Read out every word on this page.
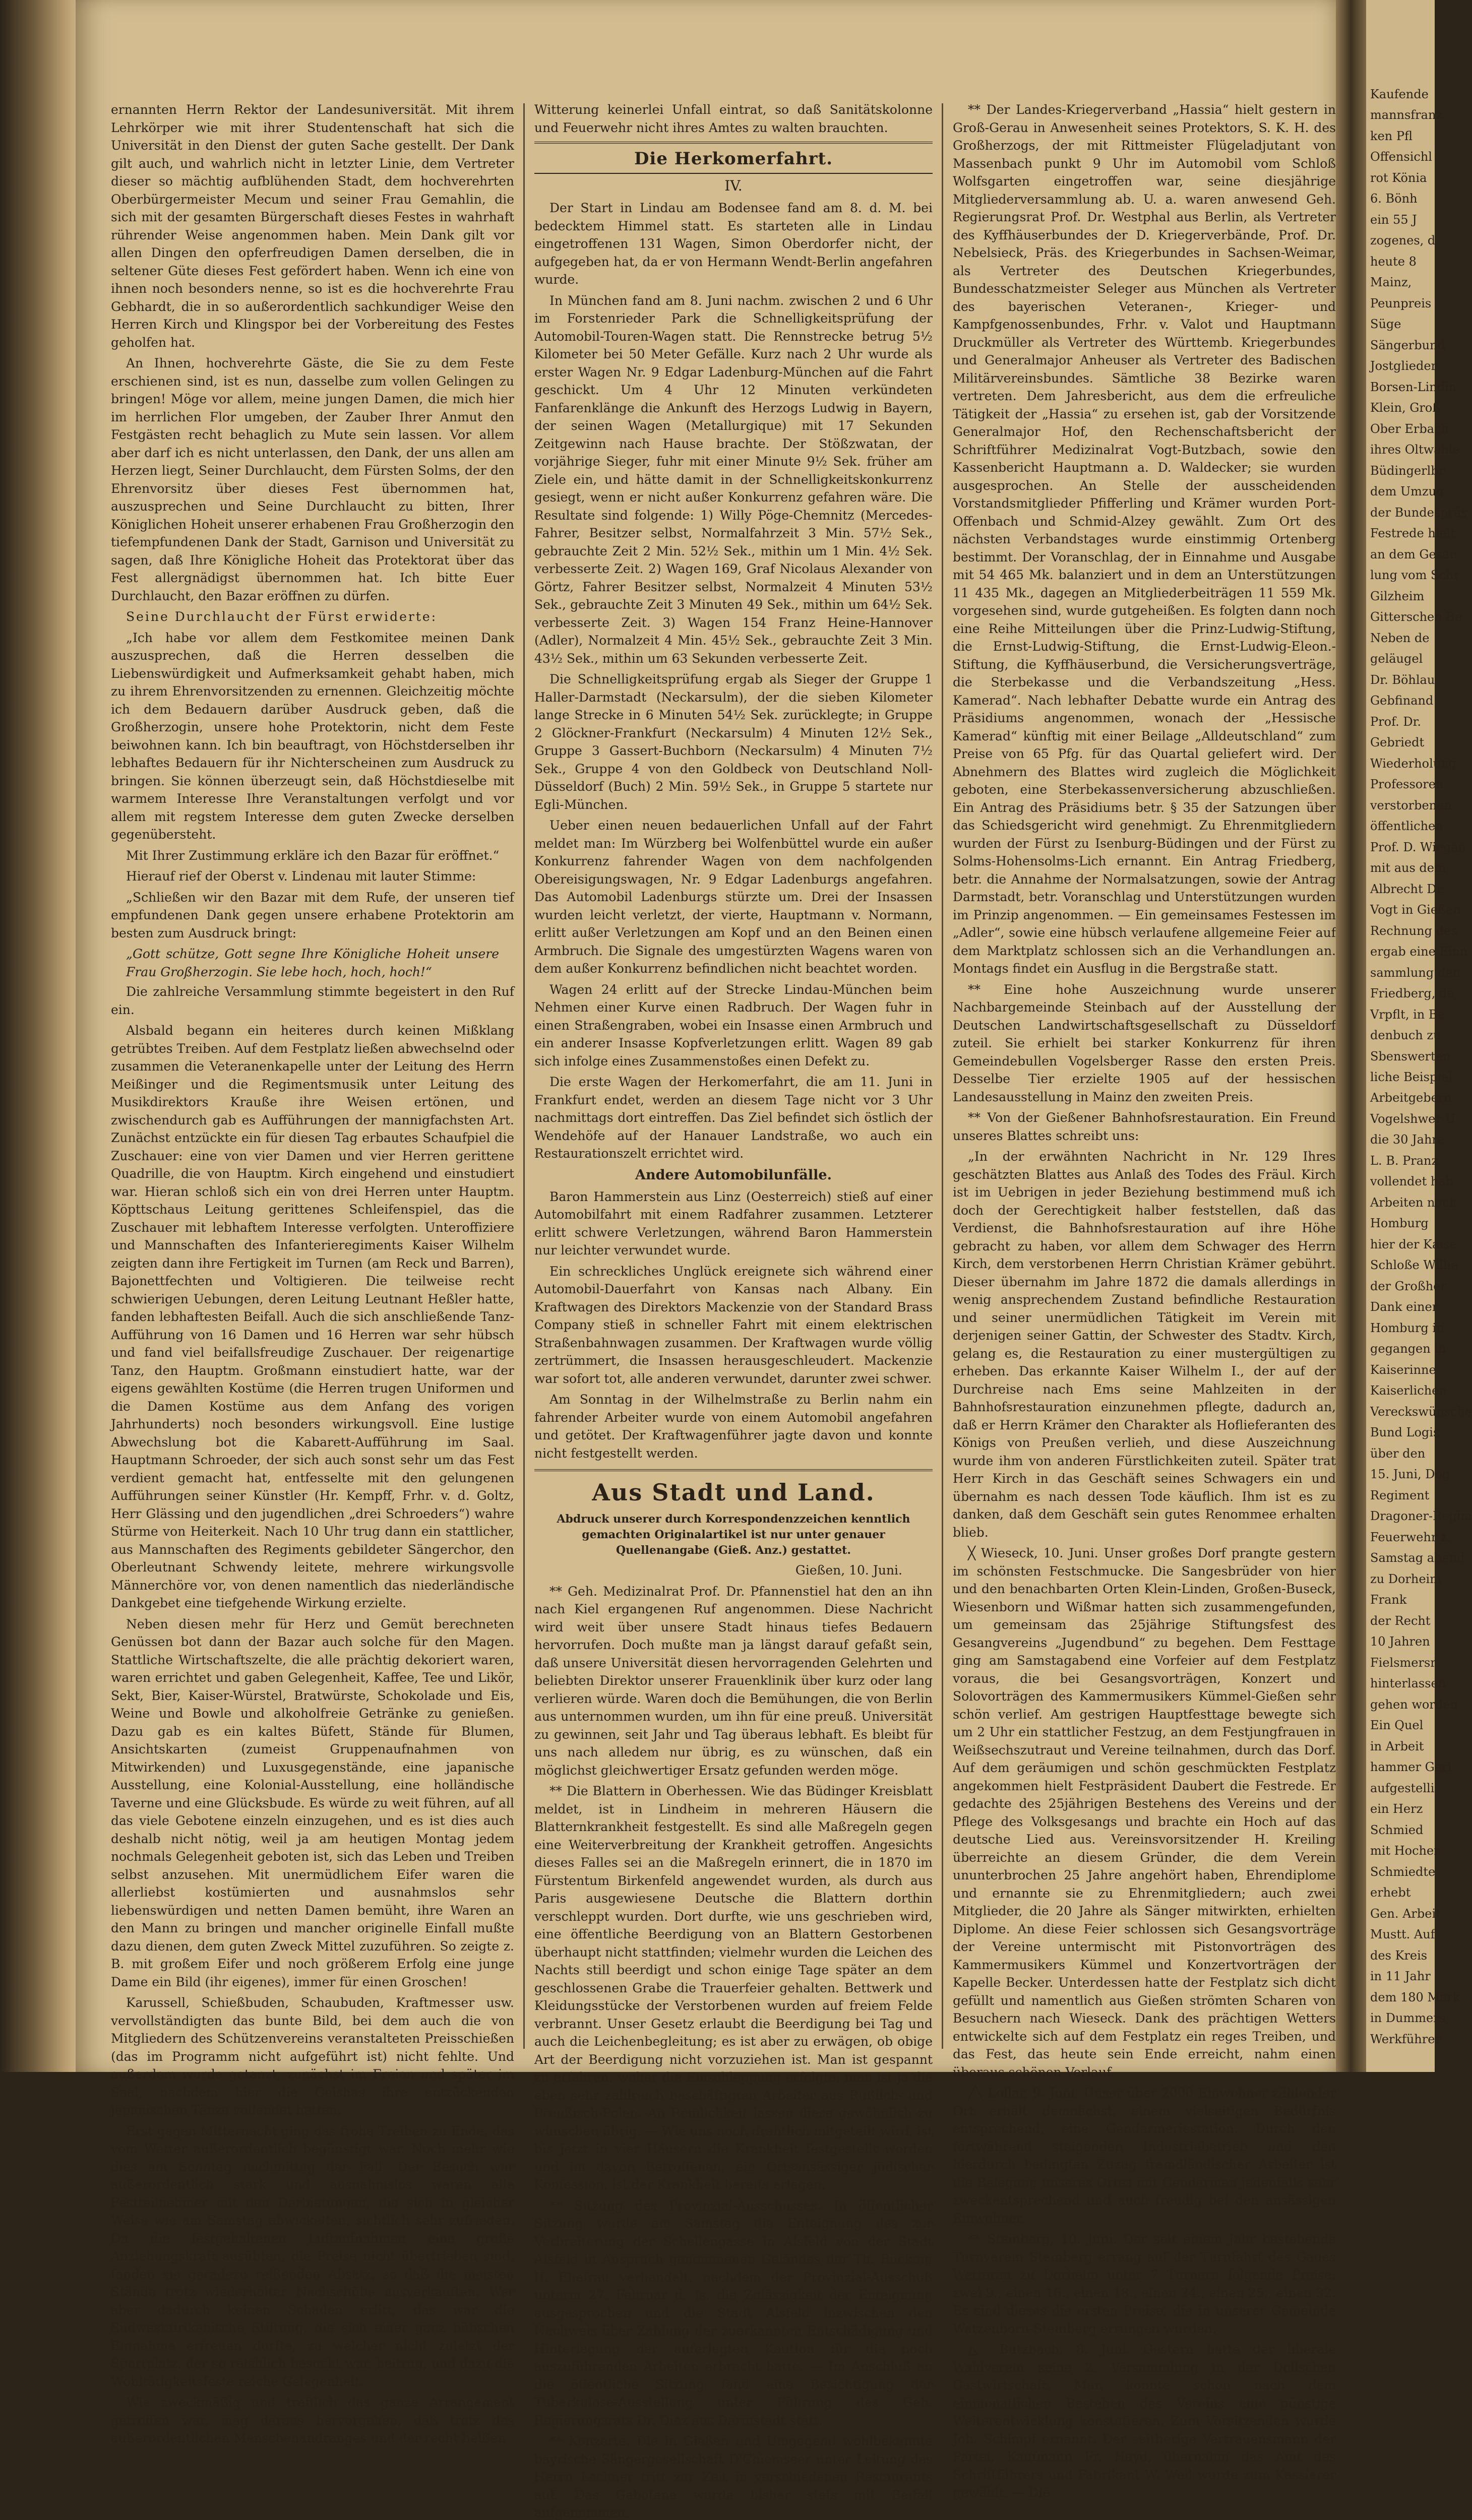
ernannten Herrn Rektor der Landesuniversität. Mit ihrem Lehrkörper wie mit ihrer Studentenschaft hat sich die Universität in den Dienst der guten Sache gestellt. Der Dank gilt auch, und wahrlich nicht in letzter Linie, dem Vertreter dieser so mächtig aufblühenden Stadt, dem hochverehrten Oberbürgermeister Mecum und seiner Frau Gemahlin, die sich mit der gesamten Bürgerschaft dieses Festes in wahrhaft rührender Weise angenommen haben. Mein Dank gilt vor allen Dingen den opferfreudigen Damen derselben, die in seltener Güte dieses Fest gefördert haben. Wenn ich eine von ihnen noch besonders nenne, so ist es die hochverehrte Frau Gebhardt, die in so außerordentlich sachkundiger Weise den Herren Kirch und Klingspor bei der Vorbereitung des Festes geholfen hat.

An Ihnen, hochverehrte Gäste, die Sie zu dem Feste erschienen sind, ist es nun, dasselbe zum vollen Gelingen zu bringen! Möge vor allem, meine jungen Damen, die mich hier im herrlichen Flor umgeben, der Zauber Ihrer Anmut den Festgästen recht behaglich zu Mute sein lassen. Vor allem aber darf ich es nicht unterlassen, den Dank, der uns allen am Herzen liegt, Seiner Durchlaucht, dem Fürsten Solms, der den Ehrenvorsitz über dieses Fest übernommen hat, auszusprechen und Seine Durchlaucht zu bitten, Ihrer Königlichen Hoheit unserer erhabenen Frau Großherzogin den tiefempfundenen Dank der Stadt, Garnison und Universität zu sagen, daß Ihre Königliche Hoheit das Protektorat über das Fest allergnädigst übernommen hat. Ich bitte Euer Durchlaucht, den Bazar eröffnen zu dürfen.

Seine Durchlaucht der Fürst erwiderte:

„Ich habe vor allem dem Festkomitee meinen Dank auszusprechen, daß die Herren desselben die Liebenswürdigkeit und Aufmerksamkeit gehabt haben, mich zu ihrem Ehrenvorsitzenden zu ernennen. Gleichzeitig möchte ich dem Bedauern darüber Ausdruck geben, daß die Großherzogin, unsere hohe Protektorin, nicht dem Feste beiwohnen kann. Ich bin beauftragt, von Höchstderselben ihr lebhaftes Bedauern für ihr Nichterscheinen zum Ausdruck zu bringen. Sie können überzeugt sein, daß Höchstdieselbe mit warmem Interesse Ihre Veranstaltungen verfolgt und vor allem mit regstem Interesse dem guten Zwecke derselben gegenübersteht.

Mit Ihrer Zustimmung erkläre ich den Bazar für eröffnet.“

Hierauf rief der Oberst v. Lindenau mit lauter Stimme:

„Schließen wir den Bazar mit dem Rufe, der unseren tief empfundenen Dank gegen unsere erhabene Protektorin am besten zum Ausdruck bringt:

„Gott schütze, Gott segne Ihre Königliche Hoheit unsere Frau Großherzogin. Sie lebe hoch, hoch, hoch!“

Die zahlreiche Versammlung stimmte begeistert in den Ruf ein.

Alsbald begann ein heiteres durch keinen Mißklang getrübtes Treiben. Auf dem Festplatz ließen abwechselnd oder zusammen die Veteranenkapelle unter der Leitung des Herrn Meißinger und die Regimentsmusik unter Leitung des Musikdirektors Krauße ihre Weisen ertönen, und zwischendurch gab es Aufführungen der mannigfachsten Art. Zunächst entzückte ein für diesen Tag erbautes Schaufpiel die Zuschauer: eine von vier Damen und vier Herren gerittene Quadrille, die von Hauptm. Kirch eingehend und einstudiert war. Hieran schloß sich ein von drei Herren unter Hauptm. Köpttschaus Leitung gerittenes Schleifenspiel, das die Zuschauer mit lebhaftem Interesse verfolgten. Unteroffiziere und Mannschaften des Infanterieregiments Kaiser Wilhelm zeigten dann ihre Fertigkeit im Turnen (am Reck und Barren), Bajonettfechten und Voltigieren. Die teilweise recht schwierigen Uebungen, deren Leitung Leutnant Heßler hatte, fanden lebhaftesten Beifall. Auch die sich anschließende Tanz-Aufführung von 16 Damen und 16 Herren war sehr hübsch und fand viel beifallsfreudige Zuschauer. Der reigenartige Tanz, den Hauptm. Großmann einstudiert hatte, war der eigens gewählten Kostüme (die Herren trugen Uniformen und die Damen Kostüme aus dem Anfang des vorigen Jahrhunderts) noch besonders wirkungsvoll. Eine lustige Abwechslung bot die Kabarett-Aufführung im Saal. Hauptmann Schroeder, der sich auch sonst sehr um das Fest verdient gemacht hat, entfesselte mit den gelungenen Aufführungen seiner Künstler (Hr. Kempff, Frhr. v. d. Goltz, Herr Glässing und den jugendlichen „drei Schroeders“) wahre Stürme von Heiterkeit. Nach 10 Uhr trug dann ein stattlicher, aus Mannschaften des Regiments gebildeter Sängerchor, den Oberleutnant Schwendy leitete, mehrere wirkungsvolle Männerchöre vor, von denen namentlich das niederländische Dankgebet eine tiefgehende Wirkung erzielte.

Neben diesen mehr für Herz und Gemüt berechneten Genüssen bot dann der Bazar auch solche für den Magen. Stattliche Wirtschaftszelte, die alle prächtig dekoriert waren, waren errichtet und gaben Gelegenheit, Kaffee, Tee und Likör, Sekt, Bier, Kaiser-Würstel, Bratwürste, Schokolade und Eis, Weine und Bowle und alkoholfreie Getränke zu genießen. Dazu gab es ein kaltes Büfett, Stände für Blumen, Ansichtskarten (zumeist Gruppenaufnahmen von Mitwirkenden) und Luxusgegenstände, eine japanische Ausstellung, eine Kolonial-Ausstellung, eine holländische Taverne und eine Glücksbude. Es würde zu weit führen, auf all das viele Gebotene einzeln einzugehen, und es ist dies auch deshalb nicht nötig, weil ja am heutigen Montag jedem nochmals Gelegenheit geboten ist, sich das Leben und Treiben selbst anzusehen. Mit unermüdlichem Eifer waren die allerliebst kostümierten und ausnahmslos sehr liebenswürdigen und netten Damen bemüht, ihre Waren an den Mann zu bringen und mancher originelle Einfall mußte dazu dienen, dem guten Zweck Mittel zuzuführen. So zeigte z. B. mit großem Eifer und noch größerem Erfolg eine junge Dame ein Bild (ihr eigenes), immer für einen Groschen!

Karussell, Schießbuden, Schaubuden, Kraftmesser usw. vervollständigten das bunte Bild, bei dem auch die von Mitgliedern des Schützenvereins veranstalteten Preisschießen (das im Programm nicht aufgeführt ist) nicht fehlte. Und außerdem wurde getanzt, zunächst im Freien und später im Saal, nachdem hier die Geishas ihre entzückenden japanischen Tänze vollendet hatten.

Erst gegen Mitternacht ging das frohe Treiben zu Ende, das vom Wetter außerordentlich begünstigt war. Noch mehr wie dies am Sonntag nachmittag der Fall. Der Besuch war außerordentlich stark und ausnahmslos waren alle Festteilnehmer mit den Darbietungen, die sich in gleicher Weise wie am Samstag abwickelten, sichtlich sehr zufrieden. Da die festgehaltenen Luftaufnahmen eine große Anziehungskraft ausübten, die Preise nicht übertrieben sind, fanden sie geradezu reißenden Absatz, so daß die meisten Stände trotz wiederholter Nachschübe ausverkauften. Wer aber dadurch keinen Schaden erlitt, das war die Südwestafrikanische Stiftung, die sich einer ganz hübschen Einnahme erfreuen durfte, zu welcher nicht zuletzt der Sportplatz, der so reichlich besucht war, beitrug, und dazu die Wohltätigkeitsfeste reiche Gelegenheit.

Wie zweckmäßig und trefflich das ganze Arrangement getroffen war, mag daraus hervorgehen, daß trotz des außerordentlichen Menschenandranges und der recht heißen

Witterung keinerlei Unfall eintrat, so daß Sanitätskolonne und Feuerwehr nicht ihres Amtes zu walten brauchten.

Die Herkomerfahrt.
IV.

Der Start in Lindau am Bodensee fand am 8. d. M. bei bedecktem Himmel statt. Es starteten alle in Lindau eingetroffenen 131 Wagen, Simon Oberdorfer nicht, der aufgegeben hat, da er von Hermann Wendt-Berlin angefahren wurde.

In München fand am 8. Juni nachm. zwischen 2 und 6 Uhr im Forstenrieder Park die Schnelligkeitsprüfung der Automobil-Touren-Wagen statt. Die Rennstrecke betrug 5½ Kilometer bei 50 Meter Gefälle. Kurz nach 2 Uhr wurde als erster Wagen Nr. 9 Edgar Ladenburg-München auf die Fahrt geschickt. Um 4 Uhr 12 Minuten verkündeten Fanfarenklänge die Ankunft des Herzogs Ludwig in Bayern, der seinen Wagen (Metallurgique) mit 17 Sekunden Zeitgewinn nach Hause brachte. Der Stößzwatan, der vorjährige Sieger, fuhr mit einer Minute 9½ Sek. früher am Ziele ein, und hätte damit in der Schnelligkeitskonkurrenz gesiegt, wenn er nicht außer Konkurrenz gefahren wäre. Die Resultate sind folgende: 1) Willy Pöge-Chemnitz (Mercedes-Fahrer, Besitzer selbst, Normalfahrzeit 3 Min. 57½ Sek., gebrauchte Zeit 2 Min. 52½ Sek., mithin um 1 Min. 4½ Sek. verbesserte Zeit. 2) Wagen 169, Graf Nicolaus Alexander von Görtz, Fahrer Besitzer selbst, Normalzeit 4 Minuten 53½ Sek., gebrauchte Zeit 3 Minuten 49 Sek., mithin um 64½ Sek. verbesserte Zeit. 3) Wagen 154 Franz Heine-Hannover (Adler), Normalzeit 4 Min. 45½ Sek., gebrauchte Zeit 3 Min. 43½ Sek., mithin um 63 Sekunden verbesserte Zeit.

Die Schnelligkeitsprüfung ergab als Sieger der Gruppe 1 Haller-Darmstadt (Neckarsulm), der die sieben Kilometer lange Strecke in 6 Minuten 54½ Sek. zurücklegte; in Gruppe 2 Glöckner-Frankfurt (Neckarsulm) 4 Minuten 12½ Sek., Gruppe 3 Gassert-Buchborn (Neckarsulm) 4 Minuten 7½ Sek., Gruppe 4 von den Goldbeck von Deutschland Noll-Düsseldorf (Buch) 2 Min. 59½ Sek., in Gruppe 5 startete nur Egli-München.

Ueber einen neuen bedauerlichen Unfall auf der Fahrt meldet man: Im Würzberg bei Wolfenbüttel wurde ein außer Konkurrenz fahrender Wagen von dem nachfolgenden Obereisigungswagen, Nr. 9 Edgar Ladenburgs angefahren. Das Automobil Ladenburgs stürzte um. Drei der Insassen wurden leicht verletzt, der vierte, Hauptmann v. Normann, erlitt außer Verletzungen am Kopf und an den Beinen einen Armbruch. Die Signale des umgestürzten Wagens waren von dem außer Konkurrenz befindlichen nicht beachtet worden.

Wagen 24 erlitt auf der Strecke Lindau-München beim Nehmen einer Kurve einen Radbruch. Der Wagen fuhr in einen Straßengraben, wobei ein Insasse einen Armbruch und ein anderer Insasse Kopfverletzungen erlitt. Wagen 89 gab sich infolge eines Zusammenstoßes einen Defekt zu.

Die erste Wagen der Herkomerfahrt, die am 11. Juni in Frankfurt endet, werden an diesem Tage nicht vor 3 Uhr nachmittags dort eintreffen. Das Ziel befindet sich östlich der Wendehöfe auf der Hanauer Landstraße, wo auch ein Restaurationszelt errichtet wird.

Andere Automobilunfälle.

Baron Hammerstein aus Linz (Oesterreich) stieß auf einer Automobilfahrt mit einem Radfahrer zusammen. Letzterer erlitt schwere Verletzungen, während Baron Hammerstein nur leichter verwundet wurde.

Ein schreckliches Unglück ereignete sich während einer Automobil-Dauerfahrt von Kansas nach Albany. Ein Kraftwagen des Direktors Mackenzie von der Standard Brass Company stieß in schneller Fahrt mit einem elektrischen Straßenbahnwagen zusammen. Der Kraftwagen wurde völlig zertrümmert, die Insassen herausgeschleudert. Mackenzie war sofort tot, alle anderen verwundet, darunter zwei schwer.

Am Sonntag in der Wilhelmstraße zu Berlin nahm ein fahrender Arbeiter wurde von einem Automobil angefahren und getötet. Der Kraftwagenführer jagte davon und konnte nicht festgestellt werden.

Aus Stadt und Land.

Abdruck unserer durch Korrespondenzzeichen kenntlich gemachten Originalartikel ist nur unter genauer Quellenangabe (Gieß. Anz.) gestattet.

Gießen, 10. Juni.

** Geh. Medizinalrat Prof. Dr. Pfannenstiel hat den an ihn nach Kiel ergangenen Ruf angenommen. Diese Nachricht wird weit über unsere Stadt hinaus tiefes Bedauern hervorrufen. Doch mußte man ja längst darauf gefaßt sein, daß unsere Universität diesen hervorragenden Gelehrten und beliebten Direktor unserer Frauenklinik über kurz oder lang verlieren würde. Waren doch die Bemühungen, die von Berlin aus unternommen wurden, um ihn für eine preuß. Universität zu gewinnen, seit Jahr und Tag überaus lebhaft. Es bleibt für uns nach alledem nur übrig, es zu wünschen, daß ein möglichst gleichwertiger Ersatz gefunden werden möge.

** Die Blattern in Oberhessen. Wie das Büdinger Kreisblatt meldet, ist in Lindheim in mehreren Häusern die Blatternkrankheit festgestellt. Es sind alle Maßregeln gegen eine Weiterverbreitung der Krankheit getroffen. Angesichts dieses Falles sei an die Maßregeln erinnert, die in 1870 im Fürstentum Birkenfeld angewendet wurden, als durch aus Paris ausgewiesene Deutsche die Blattern dorthin verschleppt wurden. Dort durfte, wie uns geschrieben wird, eine öffentliche Beerdigung von an Blattern Gestorbenen überhaupt nicht stattfinden; vielmehr wurden die Leichen des Nachts still beerdigt und schon einige Tage später an dem geschlossenen Grabe die Trauerfeier gehalten. Bettwerk und Kleidungsstücke der Verstorbenen wurden auf freiem Felde verbrannt. Unser Gesetz erlaubt die Beerdigung bei Tag und auch die Leichenbegleitung; es ist aber zu erwägen, ob obige Art der Beerdigung nicht vorzuziehen ist. Man ist gespannt zu erfahren, woher die Einschleppung erfolgte; man ist ja die eben sehr zahlreich beschäftigten Arbeiter aus Rußlich- und Preußisch-Polen. An Reinlichkeit lassen diese gewöhnlich zu wünschen übrig. — Wie uns noch drahtlich mitgeteilt wird, ist bis jetzt in vier Häusern die Krankheit festgestellt worden und im davon Betroffenen, ein Ortsansässiger jüdischer Konfession, ist der Krankheit bereits erlegen.

** Sitzung des Provinzial-Ausschusses. In öffentlicher Sitzung wurde am Samstag die Enteignung des zur Verbreiterung der Schellengasse in Alsfeld von der Stadt Alsfeld in Anspruch genommenen Geländes der Th. Bücking II. Ehefrau verhandelt, nachdem der Provinzial-Ausschuß unterm 27. Februar d. Js. die Zulässigkeit der Enteignung ausgesprochen und die Stadt Alsfeld inzwischen den Nachweis über Zahlung der zuerkannten Entschädigung und Hinterlegung der auferlegten Kaution für die noch auszuführenden Arbeiten erbracht hatte. — Im Anschluß an die öffentliche Sitzung fand eine Besichtigung der Tuberkulose-Ausstellung unter Führung des Geh. Regierungsrats Dr. Diez aus Darmstadt statt.

** Konzerte. Die in Gießen und Umgegend wohlbekannte bayrische Sängergesellschaft D'Chiemseer unter Leitung des Herrn Lechner tritt zur Zeit in verschiedenen Restaurants auf. Das Gebotene wurde bisher stets mit Beifall aufgenommen.

** Der Landes-Kriegerverband „Hassia“ hielt gestern in Groß-Gerau in Anwesenheit seines Protektors, S. K. H. des Großherzogs, der mit Rittmeister Flügeladjutant von Massenbach punkt 9 Uhr im Automobil vom Schloß Wolfsgarten eingetroffen war, seine diesjährige Mitgliederversammlung ab. U. a. waren anwesend Geh. Regierungsrat Prof. Dr. Westphal aus Berlin, als Vertreter des Kyffhäuserbundes der D. Kriegerverbände, Prof. Dr. Nebelsieck, Präs. des Kriegerbundes in Sachsen-Weimar, als Vertreter des Deutschen Kriegerbundes, Bundesschatzmeister Seleger aus München als Vertreter des bayerischen Veteranen-, Krieger- und Kampfgenossenbundes, Frhr. v. Valot und Hauptmann Druckmüller als Vertreter des Württemb. Kriegerbundes und Generalmajor Anheuser als Vertreter des Badischen Militärvereinsbundes. Sämtliche 38 Bezirke waren vertreten. Dem Jahresbericht, aus dem die erfreuliche Tätigkeit der „Hassia“ zu ersehen ist, gab der Vorsitzende Generalmajor Hof, den Rechenschaftsbericht der Schriftführer Medizinalrat Vogt-Butzbach, sowie den Kassenbericht Hauptmann a. D. Waldecker; sie wurden ausgesprochen. An Stelle der ausscheidenden Vorstandsmitglieder Pfifferling und Krämer wurden Port-Offenbach und Schmid-Alzey gewählt. Zum Ort des nächsten Verbandstages wurde einstimmig Ortenberg bestimmt. Der Voranschlag, der in Einnahme und Ausgabe mit 54 465 Mk. balanziert und in dem an Unterstützungen 11 435 Mk., dagegen an Mitgliederbeiträgen 11 559 Mk. vorgesehen sind, wurde gutgeheißen. Es folgten dann noch eine Reihe Mitteilungen über die Prinz-Ludwig-Stiftung, die Ernst-Ludwig-Stiftung, die Ernst-Ludwig-Eleon.-Stiftung, die Kyffhäuserbund, die Versicherungsverträge, die Sterbekasse und die Verbandszeitung „Hess. Kamerad“. Nach lebhafter Debatte wurde ein Antrag des Präsidiums angenommen, wonach der „Hessische Kamerad“ künftig mit einer Beilage „Alldeutschland“ zum Preise von 65 Pfg. für das Quartal geliefert wird. Der Abnehmern des Blattes wird zugleich die Möglichkeit geboten, eine Sterbekassenversicherung abzuschließen. Ein Antrag des Präsidiums betr. § 35 der Satzungen über das Schiedsgericht wird genehmigt. Zu Ehrenmitgliedern wurden der Fürst zu Isenburg-Büdingen und der Fürst zu Solms-Hohensolms-Lich ernannt. Ein Antrag Friedberg, betr. die Annahme der Normalsatzungen, sowie der Antrag Darmstadt, betr. Voranschlag und Unterstützungen wurden im Prinzip angenommen. — Ein gemeinsames Festessen im „Adler“, sowie eine hübsch verlaufene allgemeine Feier auf dem Marktplatz schlossen sich an die Verhandlungen an. Montags findet ein Ausflug in die Bergstraße statt.

** Eine hohe Auszeichnung wurde unserer Nachbargemeinde Steinbach auf der Ausstellung der Deutschen Landwirtschaftsgesellschaft zu Düsseldorf zuteil. Sie erhielt bei starker Konkurrenz für ihren Gemeindebullen Vogelsberger Rasse den ersten Preis. Desselbe Tier erzielte 1905 auf der hessischen Landesausstellung in Mainz den zweiten Preis.

** Von der Gießener Bahnhofsrestauration. Ein Freund unseres Blattes schreibt uns:

„In der erwähnten Nachricht in Nr. 129 Ihres geschätzten Blattes aus Anlaß des Todes des Fräul. Kirch ist im Uebrigen in jeder Beziehung bestimmend muß ich doch der Gerechtigkeit halber feststellen, daß das Verdienst, die Bahnhofsrestauration auf ihre Höhe gebracht zu haben, vor allem dem Schwager des Herrn Kirch, dem verstorbenen Herrn Christian Krämer gebührt. Dieser übernahm im Jahre 1872 die damals allerdings in wenig ansprechendem Zustand befindliche Restauration und seiner unermüdlichen Tätigkeit im Verein mit derjenigen seiner Gattin, der Schwester des Stadtv. Kirch, gelang es, die Restauration zu einer mustergültigen zu erheben. Das erkannte Kaiser Wilhelm I., der auf der Durchreise nach Ems seine Mahlzeiten in der Bahnhofsrestauration einzunehmen pflegte, dadurch an, daß er Herrn Krämer den Charakter als Hoflieferanten des Königs von Preußen verlieh, und diese Auszeichnung wurde ihm von anderen Fürstlichkeiten zuteil. Später trat Herr Kirch in das Geschäft seines Schwagers ein und übernahm es nach dessen Tode käuflich. Ihm ist es zu danken, daß dem Geschäft sein gutes Renommee erhalten blieb.

╳ Wieseck, 10. Juni. Unser großes Dorf prangte gestern im schönsten Festschmucke. Die Sangesbrüder von hier und den benachbarten Orten Klein-Linden, Großen-Buseck, Wiesenborn und Wißmar hatten sich zusammengefunden, um gemeinsam das 25jährige Stiftungsfest des Gesangvereins „Jugendbund“ zu begehen. Dem Festtage ging am Samstagabend eine Vorfeier auf dem Festplatz voraus, die bei Gesangsvorträgen, Konzert und Solovorträgen des Kammermusikers Kümmel-Gießen sehr schön verlief. Am gestrigen Hauptfesttage bewegte sich um 2 Uhr ein stattlicher Festzug, an dem Festjungfrauen in Weißsechszutraut und Vereine teilnahmen, durch das Dorf. Auf dem geräumigen und schön geschmückten Festplatz angekommen hielt Festpräsident Daubert die Festrede. Er gedachte des 25jährigen Bestehens des Vereins und der Pflege des Volksgesangs und brachte ein Hoch auf das deutsche Lied aus. Vereinsvorsitzender H. Kreiling überreichte an diesem Gründer, die dem Verein ununterbrochen 25 Jahre angehört haben, Ehrendiplome und ernannte sie zu Ehrenmitgliedern; auch zwei Mitglieder, die 20 Jahre als Sänger mitwirkten, erhielten Diplome. An diese Feier schlossen sich Gesangsvorträge der Vereine untermischt mit Pistonvorträgen des Kammermusikers Kümmel und Konzertvorträgen der Kapelle Becker. Unterdessen hatte der Festplatz sich dicht gefüllt und namentlich aus Gießen strömten Scharen von Besuchern nach Wieseck. Dank des prächtigen Wetters entwickelte sich auf dem Festplatz ein reges Treiben, und das Fest, das heute sein Ende erreicht, nahm einen überaus schönen Verlauf.

╱╲ Lollar, 9. Juni. Unser über 2000 Einwohner zählender Ort erhält demnächst, einem vielseitigen Bedürfnis entsprechend, eine Gendarmeriestation. Durch den fortwährend steigenden Industriebetrieb und den hierdurch bedingten Zuzug fremdländischer Arbeiter ist die Belegung unseres Ortes mit Gendarmen jedenfalls sehr zweckentsprechend und auch freudig bei den ansässigen Einwohner.

** Steinberg, 10. Juni. Der seit einem Jahr bestehende Turnverein Steinberg errang auf der Turnfahrt des Gaues Wetterau zu Dorheim unter 7 Turnern folgende Preise: zwei 9., einen 16., einen 18., einen 24., einen 25., einen 32. Es sind dieses die ersten Preise, die in unserer Gemeinde Watzenborn-Steinberg errungen wurden.

△ Butzbach, 8. Juni. Gestern hatte der liberale Wahlverein seine 2. Versammlung in der Dollschen Gastwirtschaft. Man konnte schon nach dem einmonatlichen Bestehen des Vereins eine günstige Weiterentwicklung konstatieren. Zum Vorsitzenden wurde Joh. Schimpf ernannt. Der seitherige Vertrauensmann der Partei, Kaufmann Fr. Heyd, übernahm das Amt des Schriftführers und Fabrikant W. Weil wurde zum Kassierer gewählt. — Die

Kaufende
mannsfranz
ken Pfl
Offensichl
rot Könia
6. Bönh
ein 55 J
zogenes, d
heute 8
Mainz,
Peunpreis
Süge
Sängerbund
Jostglieder
Borsen-Lindin
Klein, Groß
Ober Erbach
ihres Oltwahle
Büdingerlbr
dem Umzug
der Bundespräs
Festrede hielt
an dem Gesan
lung vom Schr
Gilzheim
Gitterschen Be
Neben de
geläugel
Dr. Böhlau
Gebfinand
Prof. Dr.
Gebriedt
Wiederholung
Professoren
verstorbenen
öffentlichen
Prof. D. Wiegan
mit aus dem
Albrecht Dr.
Vogt in Gießen
Rechnung des
ergab eine Einn
sammlung den
Friedberg, de
Vrpflt, in Be
denbuch zu
Sbenswerten
liche Beispiel
Arbeitgebern
Vogelshwer U
die 30 Jahre
L. B. Pranz
vollendet hab
Arbeiten noch
Homburg
hier der Kaise
Schloße Wilhe
der Großher
Dank einer
Homburg in
gegangen in
Kaiserinne
Kaiserlichen
Vereckswünsche
Bund Logis
über den
15. Juni, Dog
Regiment
Dragoner-Regim
Feuerwehr z.
Samstag abend
zu Dorheim
Frank
der Recht
10 Jahren
Fielsmersr
hinterlassen
gehen worden
Ein Quel
in Arbeit
hammer Geri
aufgestelli
ein Herz
Schmied
mit Hocher
Schmiedte
erhebt
Gen. Arbeit
Mustt. Auf
des Kreis
in 11 Jahr
dem 180 Mark
in Dummers
Werkführer
